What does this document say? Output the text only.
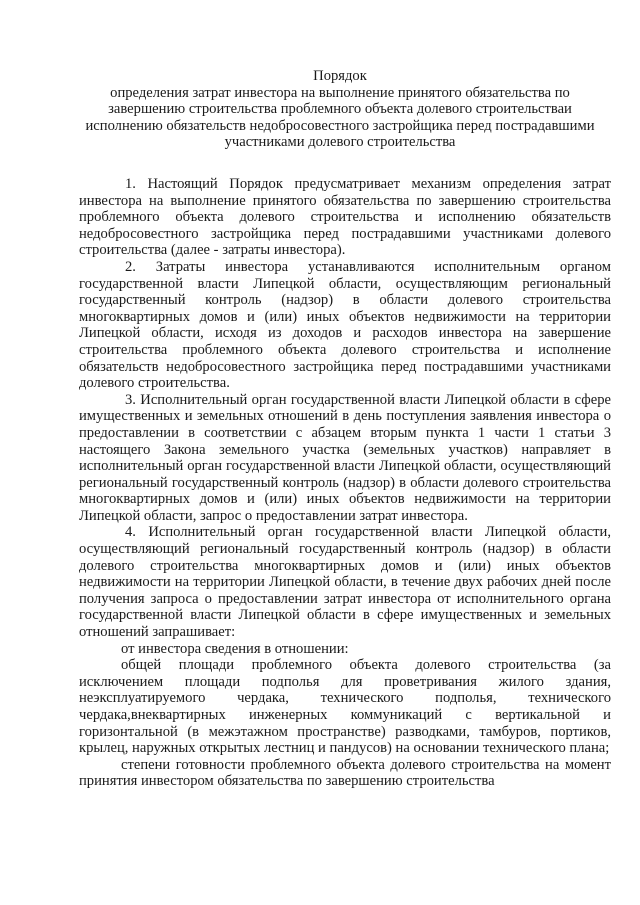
Порядок
определения затрат инвестора на выполнение принятого обязательства по
завершению строительства проблемного объекта долевого строительстваи
исполнению обязательств недобросовестного застройщика перед пострадавшими
участниками долевого строительства

1. Настоящий Порядок предусматривает механизм определения затрат инвестора на выполнение принятого обязательства по завершению строительства проблемного объекта долевого строительства и исполнению обязательств недобросовестного застройщика перед пострадавшими участниками долевого строительства (далее - затраты инвестора).

2. Затраты инвестора устанавливаются исполнительным органом государственной власти Липецкой области, осуществляющим региональный государственный контроль (надзор) в области долевого строительства многоквартирных домов и (или) иных объектов недвижимости на территории Липецкой области, исходя из доходов и расходов инвестора на завершение строительства проблемного объекта долевого строительства и исполнение обязательств недобросовестного застройщика перед пострадавшими участниками долевого строительства.

3. Исполнительный орган государственной власти Липецкой области в сфере имущественных и земельных отношений в день поступления заявления инвестора о предоставлении в соответствии с абзацем вторым пункта 1 части 1 статьи 3 настоящего Закона земельного участка (земельных участков) направляет в исполнительный орган государственной власти Липецкой области, осуществляющий региональный государственный контроль (надзор) в области долевого строительства многоквартирных домов и (или) иных объектов недвижимости на территории Липецкой области, запрос о предоставлении затрат инвестора.

4. Исполнительный орган государственной власти Липецкой области, осуществляющий региональный государственный контроль (надзор) в области долевого строительства многоквартирных домов и (или) иных объектов недвижимости на территории Липецкой области, в течение двух рабочих дней после получения запроса о предоставлении затрат инвестора от исполнительного органа государственной власти Липецкой области в сфере имущественных и земельных отношений запрашивает:

от инвестора сведения в отношении:

общей площади проблемного объекта долевого строительства (за исключением площади подполья для проветривания жилого здания, неэксплуатируемого чердака, технического подполья, технического чердака,внеквартирных инженерных коммуникаций с вертикальной и горизонтальной (в межэтажном пространстве) разводками, тамбуров, портиков, крылец, наружных открытых лестниц и пандусов) на основании технического плана;

степени готовности проблемного объекта долевого строительства на момент принятия инвестором обязательства по завершению строительства
